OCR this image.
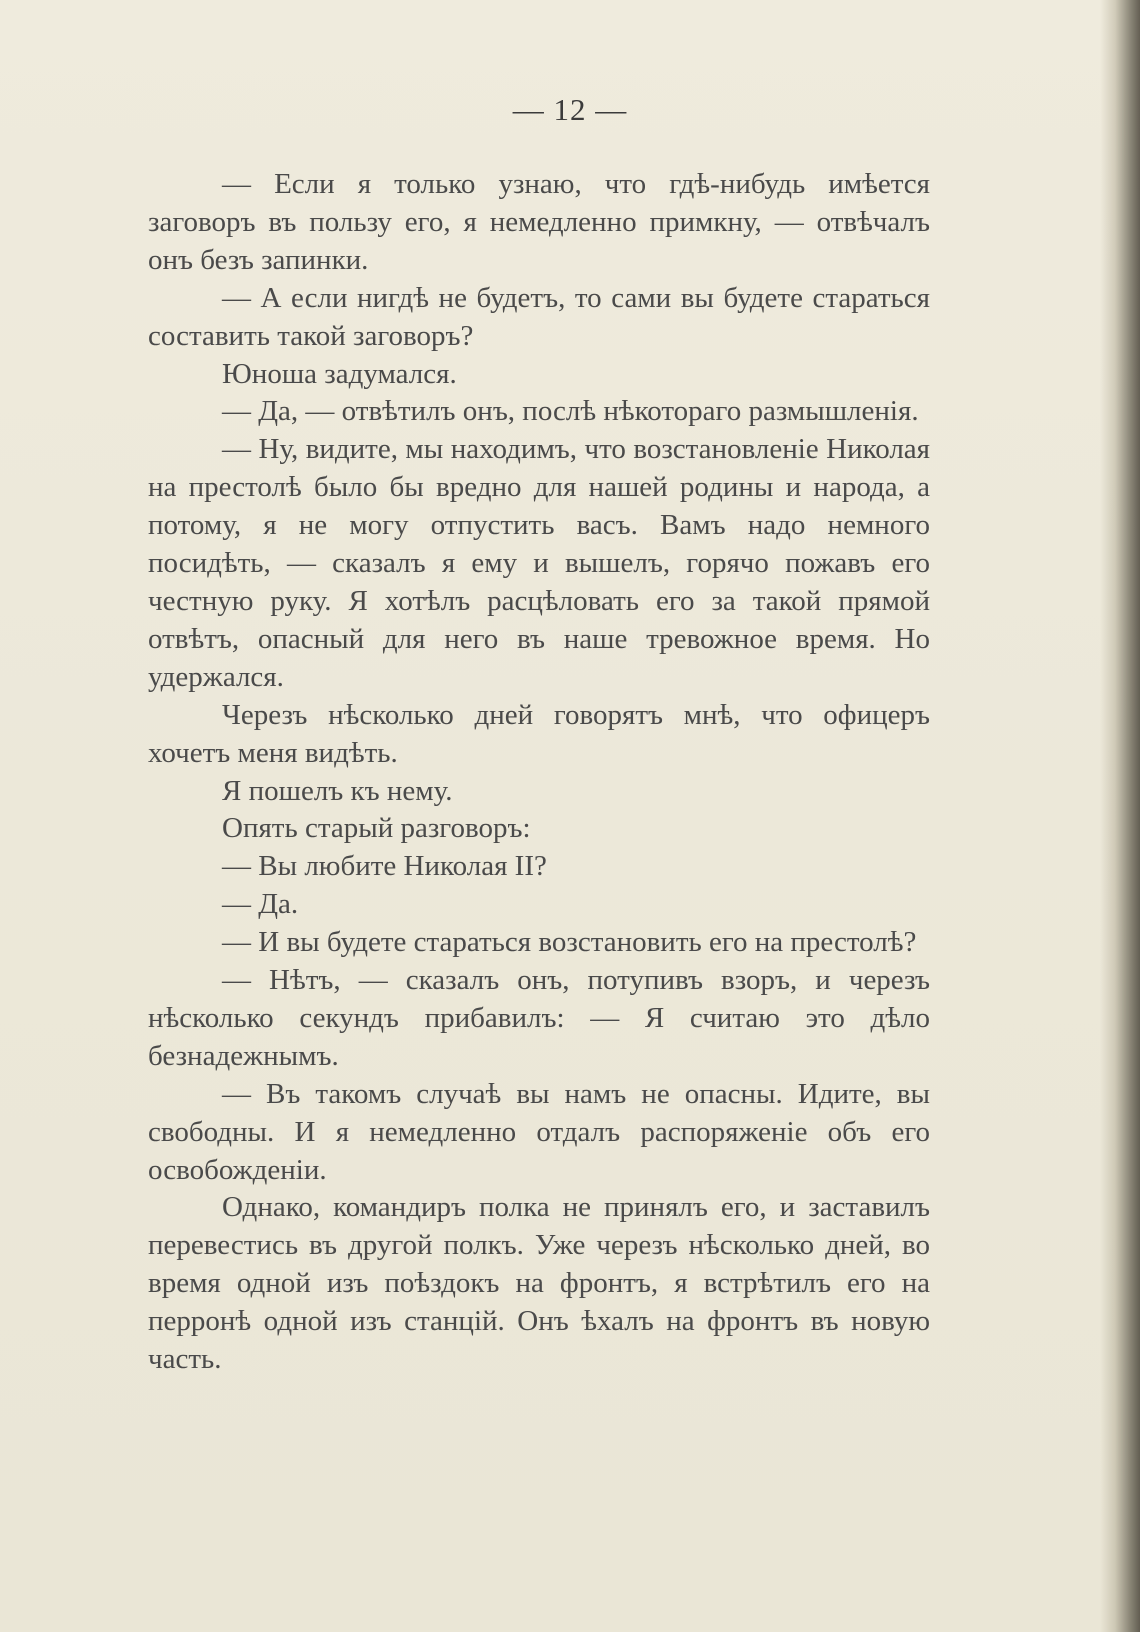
— 12 —

— Если я только узнаю, что гдѣ-нибудь имѣется заговоръ въ пользу его, я немедленно примкну, — отвѣчалъ онъ безъ запинки.

— А если нигдѣ не будетъ, то сами вы будете стараться составить такой заговоръ?

Юноша задумался.

— Да, — отвѣтилъ онъ, послѣ нѣкотораго размышленія.

— Ну, видите, мы находимъ, что возстановленіе Николая на престолѣ было бы вредно для нашей родины и народа, а потому, я не могу отпустить васъ. Вамъ надо немного посидѣть, — сказалъ я ему и вышелъ, горячо пожавъ его честную руку. Я хотѣлъ расцѣловать его за такой прямой отвѣтъ, опасный для него въ наше тревожное время. Но удержался.

Черезъ нѣсколько дней говорятъ мнѣ, что офицеръ хочетъ меня видѣть.

Я пошелъ къ нему.

Опять старый разговоръ:

— Вы любите Николая II?

— Да.

— И вы будете стараться возстановить его на престолѣ?

— Нѣтъ, — сказалъ онъ, потупивъ взоръ, и черезъ нѣсколько секундъ прибавилъ: — Я считаю это дѣло безнадежнымъ.

— Въ такомъ случаѣ вы намъ не опасны. Идите, вы свободны. И я немедленно отдалъ распоряженіе объ его освобожденіи.

Однако, командиръ полка не принялъ его, и заставилъ перевестись въ другой полкъ. Уже черезъ нѣсколько дней, во время одной изъ поѣздокъ на фронтъ, я встрѣтилъ его на перронѣ одной изъ станцій. Онъ ѣхалъ на фронтъ въ новую часть.
